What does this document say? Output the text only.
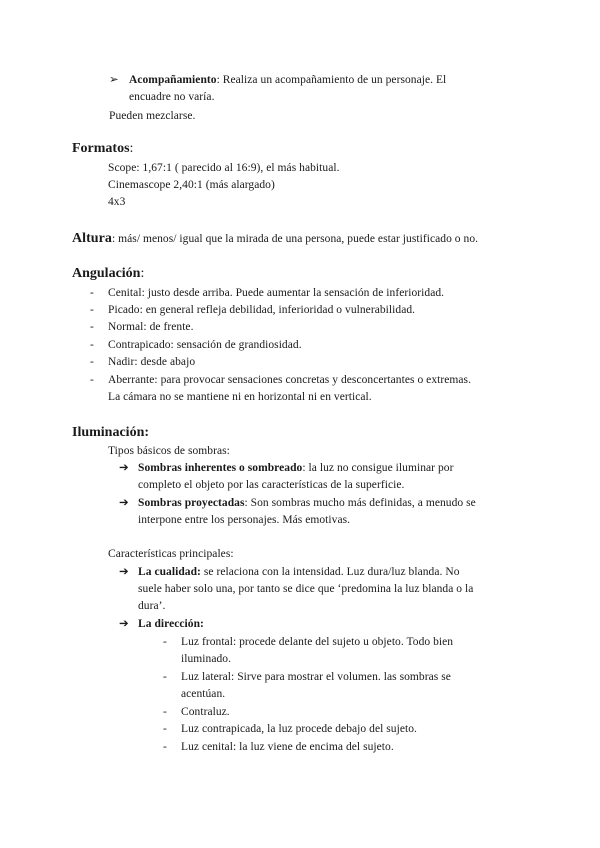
➢ Acompañamiento: Realiza un acompañamiento de un personaje. El
encuadre no varía.
Pueden mezclarse.
Formatos:
Scope: 1,67:1 ( parecido al 16:9), el más habitual.
Cinemascope 2,40:1 (más alargado)
4x3
Altura: más/ menos/ igual que la mirada de una persona, puede estar justificado o no.
Angulación:
- Cenital: justo desde arriba. Puede aumentar la sensación de inferioridad.
- Picado: en general refleja debilidad, inferioridad o vulnerabilidad.
- Normal: de frente.
- Contrapicado: sensación de grandiosidad.
- Nadir: desde abajo
- Aberrante: para provocar sensaciones concretas y desconcertantes o extremas.
La cámara no se mantiene ni en horizontal ni en vertical.
Iluminación:
Tipos básicos de sombras:
➔ Sombras inherentes o sombreado: la luz no consigue iluminar por
completo el objeto por las características de la superficie.
➔ Sombras proyectadas: Son sombras mucho más definidas, a menudo se
interpone entre los personajes. Más emotivas.
Características principales:
➔ La cualidad: se relaciona con la intensidad. Luz dura/luz blanda. No
suele haber solo una, por tanto se dice que ‘predomina la luz blanda o la
dura’.
➔ La dirección:
- Luz frontal: procede delante del sujeto u objeto. Todo bien
iluminado.
- Luz lateral: Sirve para mostrar el volumen. las sombras se
acentúan.
- Contraluz.
- Luz contrapicada, la luz procede debajo del sujeto.
- Luz cenital: la luz viene de encima del sujeto.
